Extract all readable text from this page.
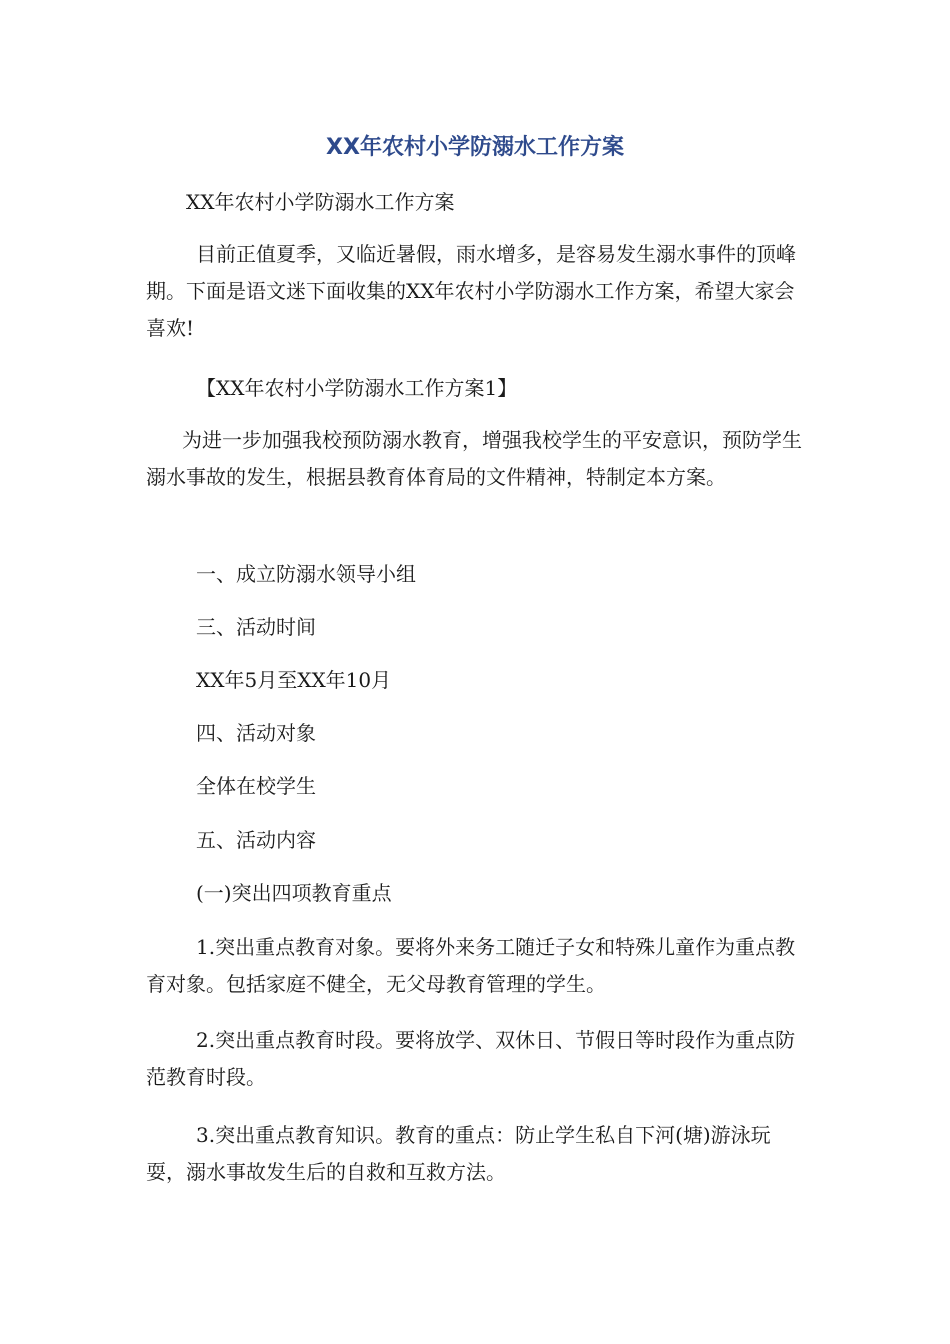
XX年农村小学防溺水工作方案

XX年农村小学防溺水工作方案

目前正值夏季，又临近暑假，雨水增多，是容易发生溺水事件的顶峰期。下面是语文迷下面收集的XX年农村小学防溺水工作方案，希望大家会喜欢!

【XX年农村小学防溺水工作方案1】

为进一步加强我校预防溺水教育，增强我校学生的平安意识，预防学生溺水事故的发生，根据县教育体育局的文件精神，特制定本方案。

一、成立防溺水领导小组

三、活动时间

XX年5月至XX年10月

四、活动对象

全体在校学生

五、活动内容

(一)突出四项教育重点

1.突出重点教育对象。要将外来务工随迁子女和特殊儿童作为重点教育对象。包括家庭不健全，无父母教育管理的学生。

2.突出重点教育时段。要将放学、双休日、节假日等时段作为重点防范教育时段。

3.突出重点教育知识。教育的重点：防止学生私自下河(塘)游泳玩耍，溺水事故发生后的自救和互救方法。
